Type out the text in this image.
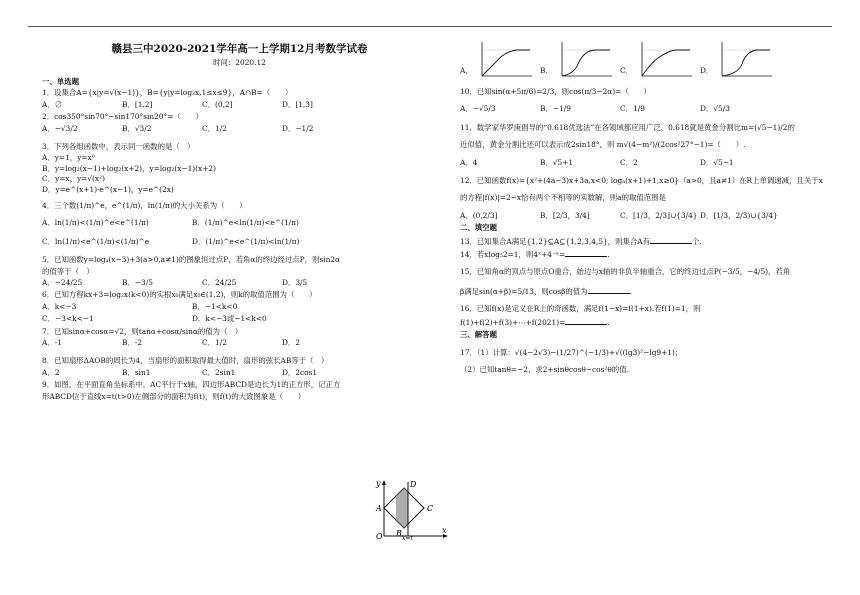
赣县三中2020-2021学年高一上学期12月考数学试卷
时间：2020.12
一、单选题
1．设集合A={x|y=√(x−1)}，B={y|y=log₃x,1≤x≤9}，A∩B=（　　）
A．∅	B．[1,2]	C．(0,2]	D．[1,3]
2．cos350°sin70°−sin170°sin20°=（　　）
A．−√3/2	B．√3/2	C．1/2	D．−1/2
3．下列各组函数中，表示同一函数的是（　）
A．y=1，y=x⁰
B．y=log₂(x−1)+log₂(x+2)，y=log₂(x−1)(x+2)
C．y=x，y=√(x²)
D．y=e^(x+1)·e^(x−1)，y=e^(2x)
4．三个数(1/π)^e，e^(1/π)，ln(1/π)的大小关系为（　　）
A．ln(1/π)<(1/π)^e<e^(1/π)	B．(1/π)^e<ln(1/π)<e^(1/π)
C．ln(1/π)<e^(1/π)<(1/π)^e	D．(1/π)^e<e^(1/π)<ln(1/π)
5．已知函数y=logₐ(x−3)+3(a>0,a≠1)的图象恒过点P，若角α的终边经过点P，则sin2α
的值等于（　）
A．−24/25	B．−3/5	C．24/25	D．3/5
6．已知方程kx+3=log₂x(k<0)的实根x₀满足x₀∈(1,2)，则k的取值范围为（　　）
A．k<−3	B．−1<k<0
C．−3<k<−1	D．k<−3或−1<k<0
7．已知sinα+cosα=√2，则tanα+cosα/sinα的值为（　）
A．-1	B．-2	C．1/2	D．2
8．已知扇形ΔAOB的周长为4，当扇形的面积取得最大值时，扇形的弦长AB等于（　）
A．2	B．sin1	C．2sin1	D．2cos1
9．如图，在平面直角坐标系中，AC平行于x轴，四边形ABCD是边长为1的正方形，记正方
形ABCD位于直线x=t(t>0)左侧部分的面积为f(t)，则f(t)的大致图象是（　　）
y
x
O
A
B
C
D
x=t
A．	B．	C．	D．
10．已知sin(α+5π/6)=2/3，则cos(π/3−2α)=（　　）
A．−√5/3	B．−1/9	C．1/9	D．√5/3
11．数学家华罗庚倡导的“0.618优选法”在各领域都应用广泛，0.618就是黄金分割比m=(√5−1)/2的
近似值，黄金分割比还可以表示成2sin18°，则 m√(4−m²)/(2cos²27°−1)=（　　）.
A．4	B．√5+1	C．2	D．√5−1
12．已知函数f(x)={x²+(4a−3)x+3a,x<0; logₐ(x+1)+1,x≥0}（a>0，且a≠1）在R上单调递减，且关于x
的方程|f(x)|=2−x恰有两个不相等的实数解，则a的取值范围是
A．(0,2/3]	B．[2/3，3/4]	C．[1/3，2/3]∪{3/4} D．[1/3，2/3)∪{3/4}
二、填空题
13．已知集合A满足{1,2}⊆A⊆{1,2,3,4,5}，则集合A有	个.
14．若xlog₅2=1，则4ˣ+4⁻ˣ=	.
15．已知角α的顶点与原点O重合，始边与x轴的非负半轴重合，它的终边过点P(−3/5，−4/5)，若角
β满足sin(α+β)=5/13，则cosβ的值为	.
16．已知f(x)是定义在R上的奇函数，满足f(1−x)=f(1+x).若f(1)=1，则
f(1)+f(2)+f(3)+⋯+f(2021)=	.
三、解答题
17．（1）计算：√(4−2√3)−(1/27)^(−1/3)+√((lg3)²−lg9+1)；
（2）已知tanθ=−2，求2+sinθcosθ−cos²θ的值.
